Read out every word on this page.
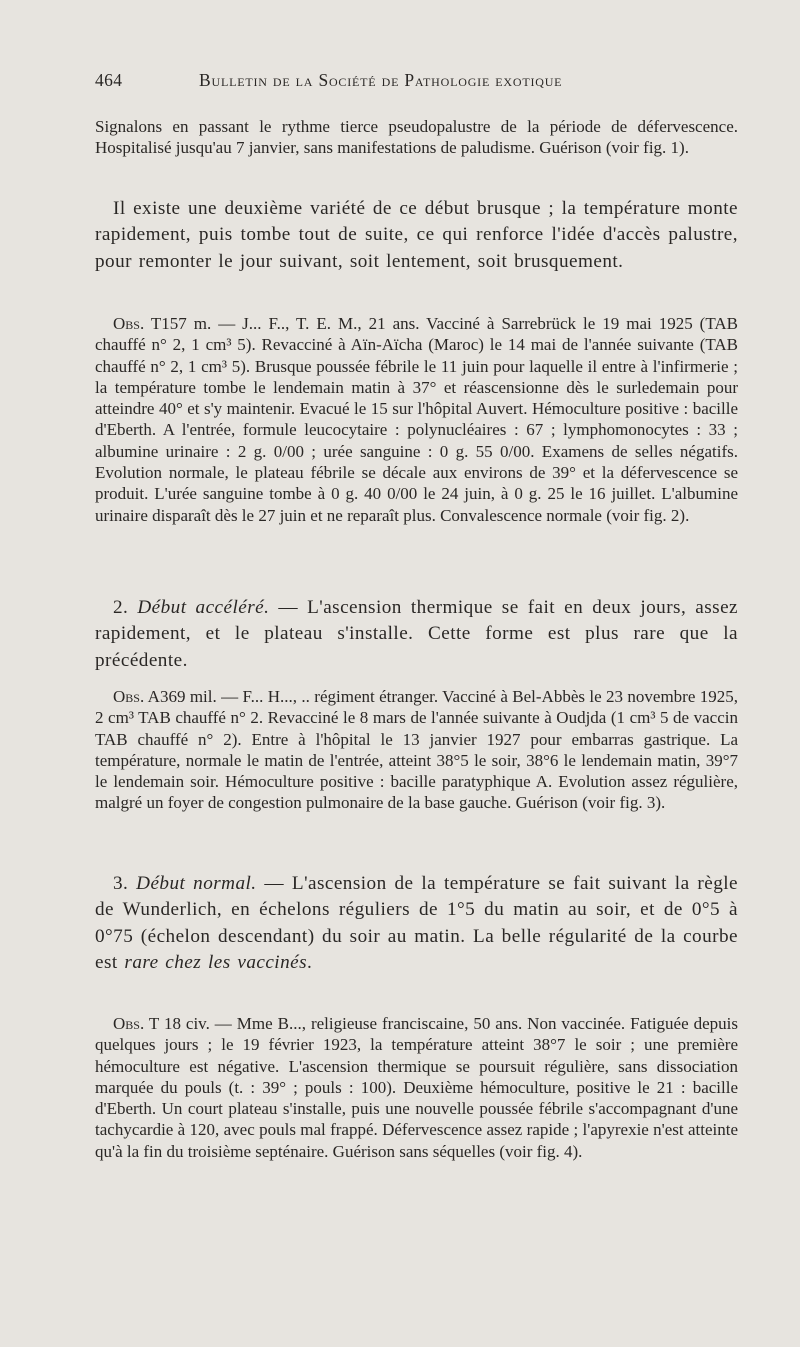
464	Bulletin de la Société de Pathologie exotique

Signalons en passant le rythme tierce pseudopalustre de la période de défervescence. Hospitalisé jusqu'au 7 janvier, sans manifestations de paludisme. Guérison (voir fig. 1).

Il existe une deuxième variété de ce début brusque ; la température monte rapidement, puis tombe tout de suite, ce qui renforce l'idée d'accès palustre, pour remonter le jour suivant, soit lentement, soit brusquement.

Obs. T157 m. — J... F.., T. E. M., 21 ans. Vacciné à Sarrebrück le 19 mai 1925 (TAB chauffé n° 2, 1 cm³ 5). Revacciné à Aïn-Aïcha (Maroc) le 14 mai de l'année suivante (TAB chauffé n° 2, 1 cm³ 5). Brusque poussée fébrile le 11 juin pour laquelle il entre à l'infirmerie ; la température tombe le lendemain matin à 37° et réascensionne dès le surledemain pour atteindre 40° et s'y maintenir. Evacué le 15 sur l'hôpital Auvert. Hémoculture positive : bacille d'Eberth. A l'entrée, formule leucocytaire : polynucléaires : 67 ; lymphomonocytes : 33 ; albumine urinaire : 2 g. 0/00 ; urée sanguine : 0 g. 55 0/00. Examens de selles négatifs. Evolution normale, le plateau fébrile se décale aux environs de 39° et la défervescence se produit. L'urée sanguine tombe à 0 g. 40 0/00 le 24 juin, à 0 g. 25 le 16 juillet. L'albumine urinaire disparaît dès le 27 juin et ne reparaît plus. Convalescence normale (voir fig. 2).

2. Début accéléré. — L'ascension thermique se fait en deux jours, assez rapidement, et le plateau s'installe. Cette forme est plus rare que la précédente.

Obs. A369 mil. — F... H..., .. régiment étranger. Vacciné à Bel-Abbès le 23 novembre 1925, 2 cm³ TAB chauffé n° 2. Revacciné le 8 mars de l'année suivante à Oudjda (1 cm³ 5 de vaccin TAB chauffé n° 2). Entre à l'hôpital le 13 janvier 1927 pour embarras gastrique. La température, normale le matin de l'entrée, atteint 38°5 le soir, 38°6 le lendemain matin, 39°7 le lendemain soir. Hémoculture positive : bacille paratyphique A. Evolution assez régulière, malgré un foyer de congestion pulmonaire de la base gauche. Guérison (voir fig. 3).

3. Début normal. — L'ascension de la température se fait suivant la règle de Wunderlich, en échelons réguliers de 1°5 du matin au soir, et de 0°5 à 0°75 (échelon descendant) du soir au matin. La belle régularité de la courbe est rare chez les vaccinés.

Obs. T 18 civ. — Mme B..., religieuse franciscaine, 50 ans. Non vaccinée. Fatiguée depuis quelques jours ; le 19 février 1923, la température atteint 38°7 le soir ; une première hémoculture est négative. L'ascension thermique se poursuit régulière, sans dissociation marquée du pouls (t. : 39° ; pouls : 100). Deuxième hémoculture, positive le 21 : bacille d'Eberth. Un court plateau s'installe, puis une nouvelle poussée fébrile s'accompagnant d'une tachycardie à 120, avec pouls mal frappé. Défervescence assez rapide ; l'apyrexie n'est atteinte qu'à la fin du troisième septénaire. Guérison sans séquelles (voir fig. 4).
